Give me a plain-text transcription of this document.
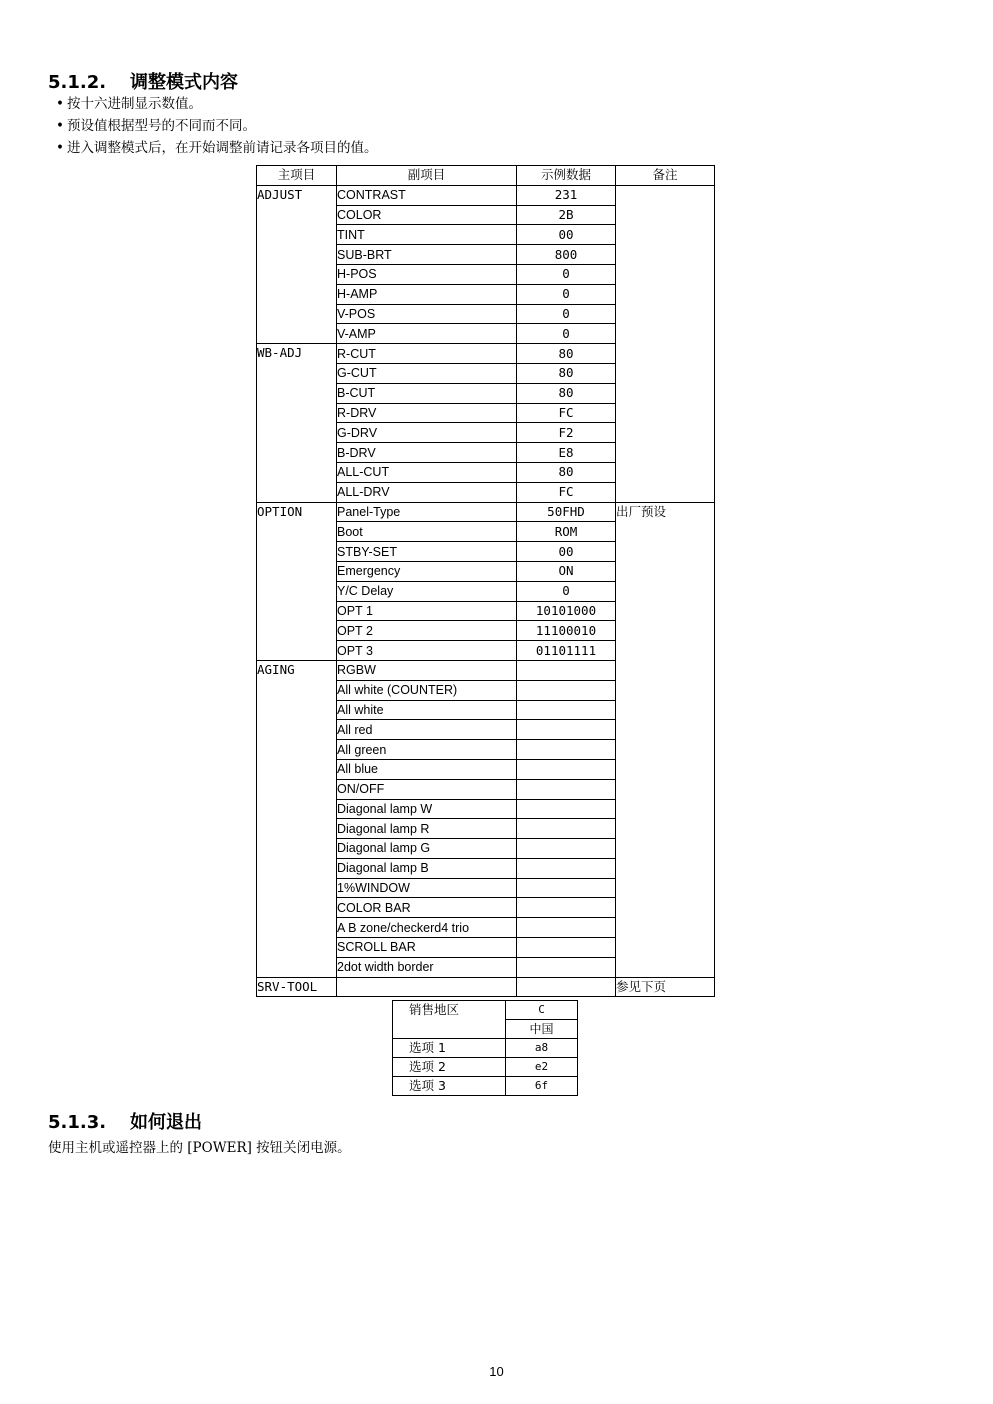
5.1.2. 调整模式内容
• 按十六进制显示数值。
• 预设值根据型号的不同而不同。
• 进入调整模式后，在开始调整前请记录各项目的值。
主项目	副项目	示例数据	备注
ADJUST	CONTRAST	231	
	COLOR	2B	
	TINT	00	
	SUB-BRT	800	
	H-POS	0	
	H-AMP	0	
	V-POS	0	
	V-AMP	0	
WB-ADJ	R-CUT	80	
	G-CUT	80	
	B-CUT	80	
	R-DRV	FC	
	G-DRV	F2	
	B-DRV	E8	
	ALL-CUT	80	
	ALL-DRV	FC	
OPTION	Panel-Type	50FHD	出厂预设
	Boot	ROM	
	STBY-SET	00	
	Emergency	ON	
	Y/C Delay	0	
	OPT 1	10101000	
	OPT 2	11100010	
	OPT 3	01101111	
AGING	RGBW		
	All white (COUNTER)		
	All white		
	All red		
	All green		
	All blue		
	ON/OFF		
	Diagonal lamp W		
	Diagonal lamp R		
	Diagonal lamp G		
	Diagonal lamp B		
	1%WINDOW		
	COLOR BAR		
	A B zone/checkerd4 trio		
	SCROLL BAR		
	2dot width border		
SRV-TOOL			参见下页
销售地区	C
	中国
选项 1	a8
选项 2	e2
选项 3	6f
5.1.3. 如何退出
使用主机或遥控器上的 [POWER] 按钮关闭电源。
10
